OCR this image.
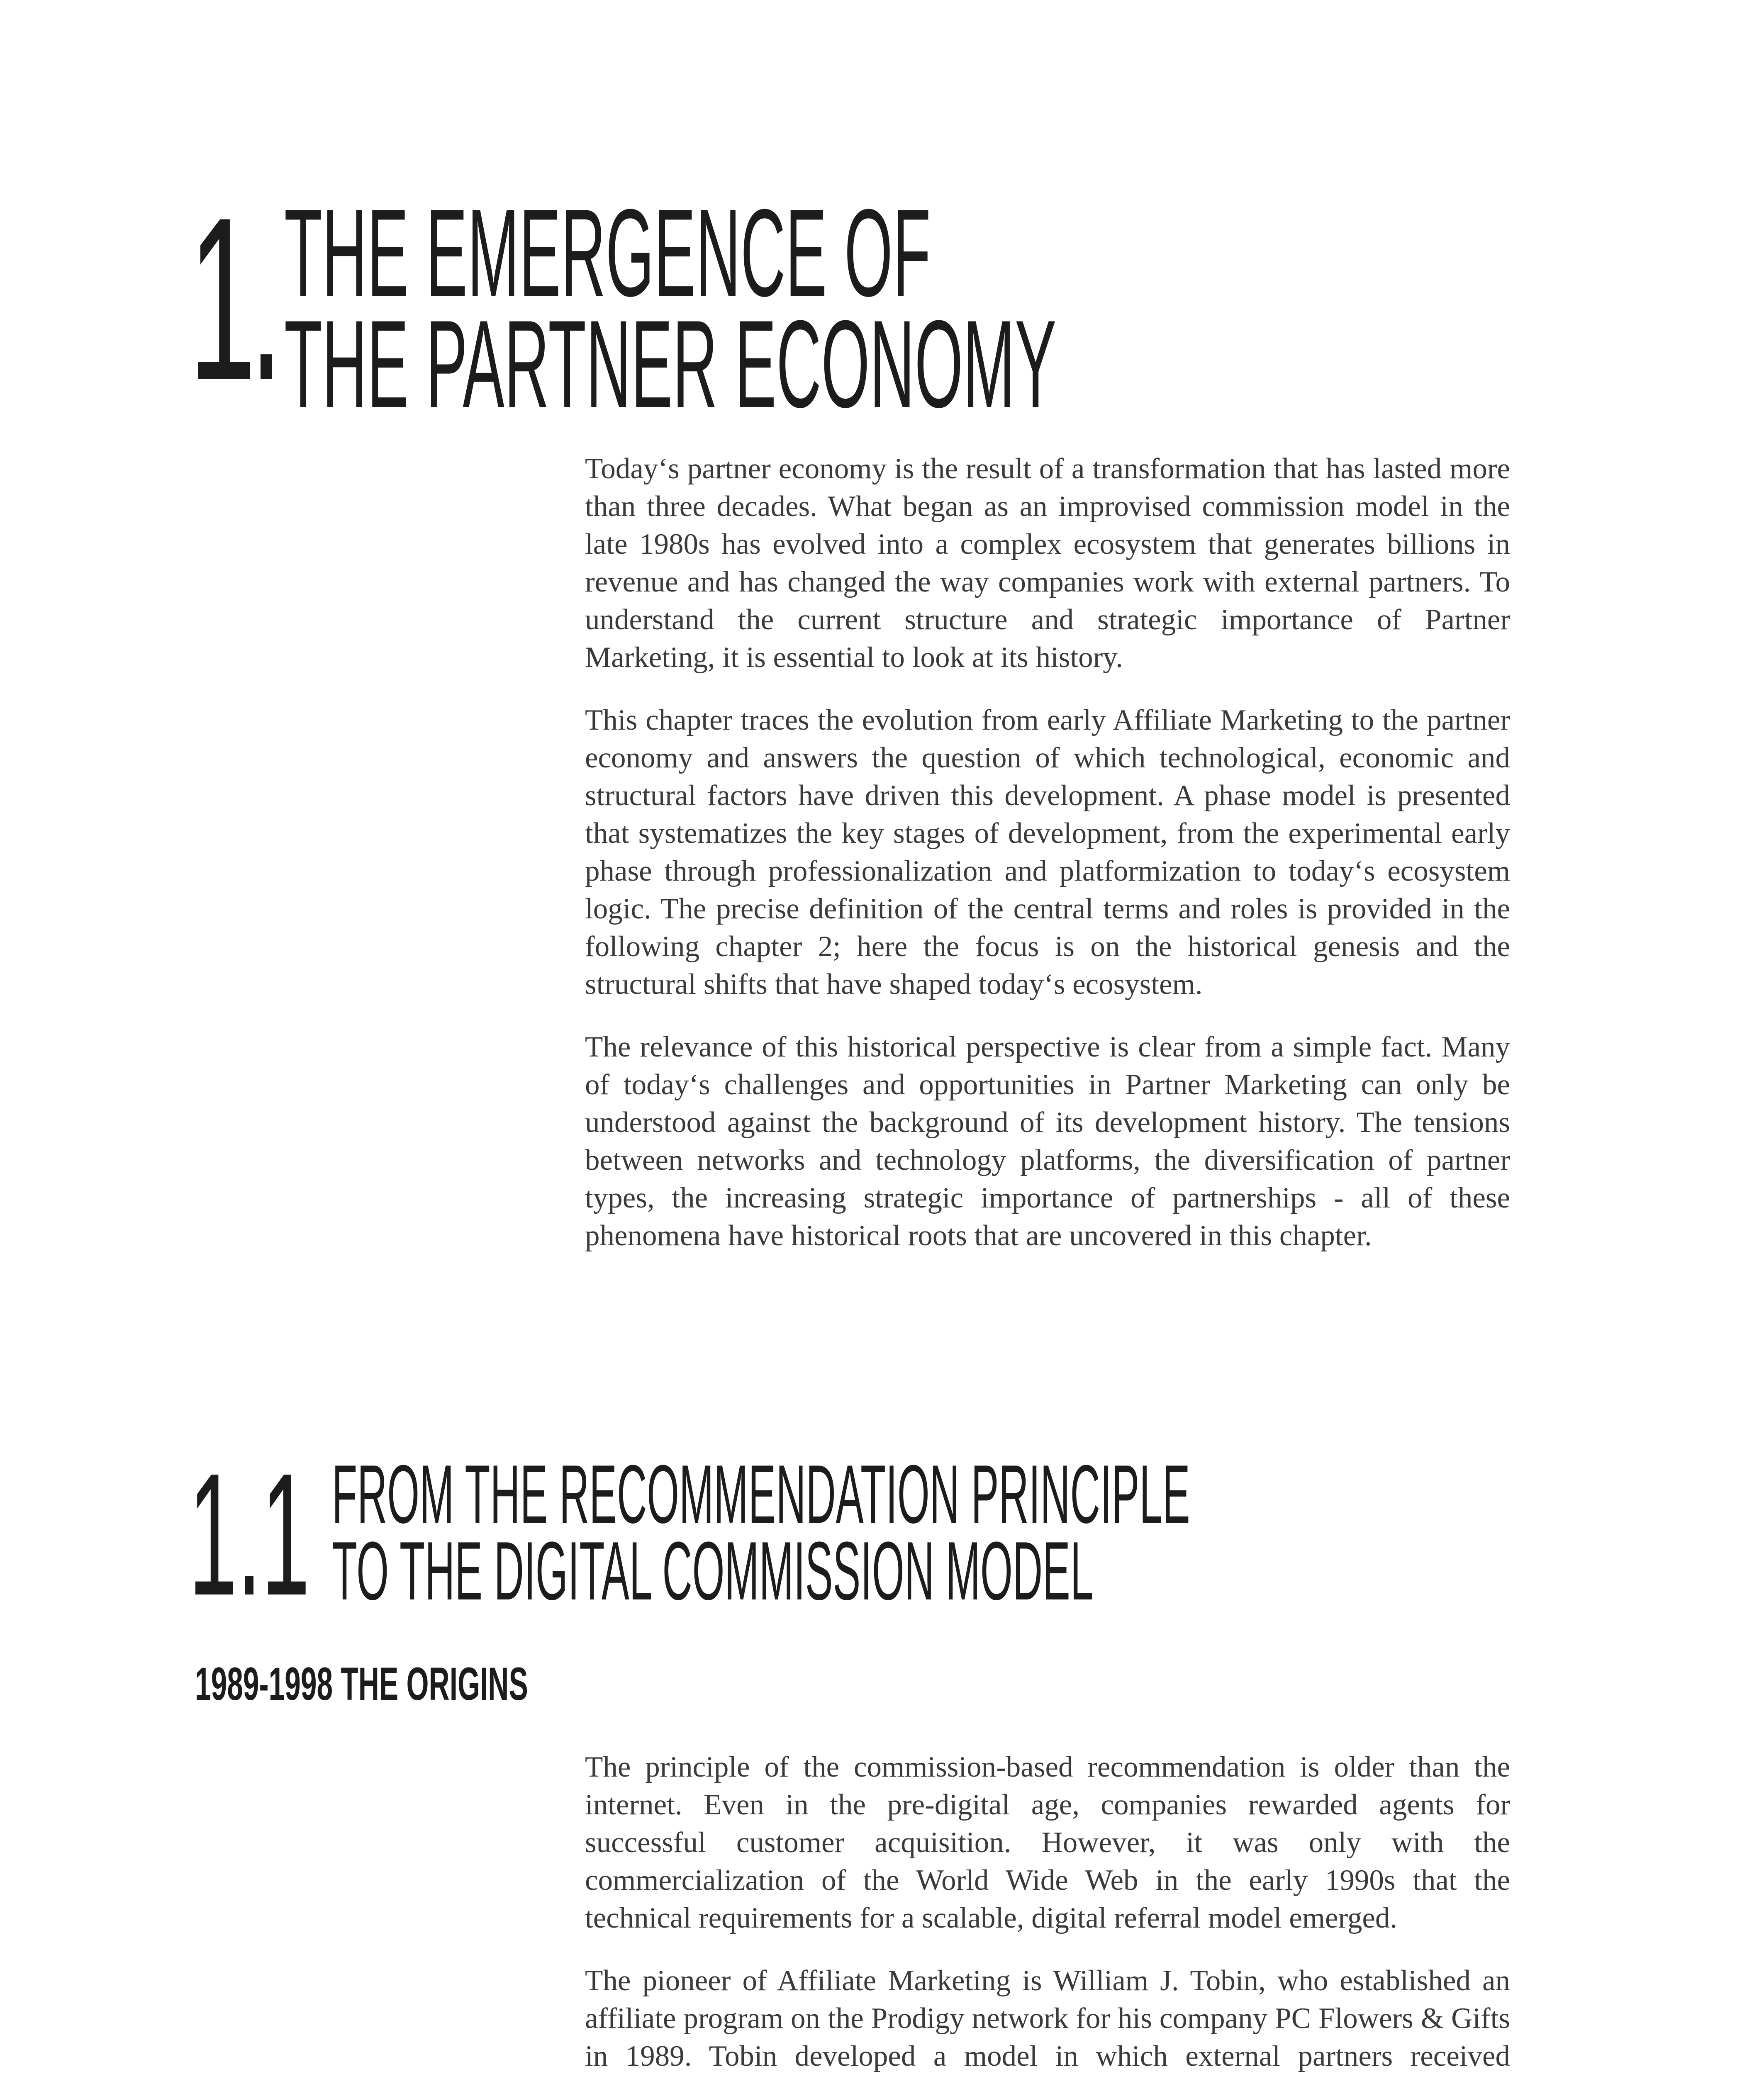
1. THE EMERGENCE OF
THE PARTNER ECONOMY

Today‘s partner economy is the result of a transformation that has lasted more than three decades. What began as an improvised commission model in the late 1980s has evolved into a complex ecosystem that generates billions in revenue and has changed the way companies work with external partners. To understand the current structure and strategic importance of Partner Marketing, it is essential to look at its history.

This chapter traces the evolution from early Affiliate Marketing to the partner economy and answers the question of which technological, economic and structural factors have driven this development. A phase model is presented that systematizes the key stages of development, from the experimental early phase through professionalization and platformization to today‘s ecosystem logic. The precise definition of the central terms and roles is provided in the following chapter 2; here the focus is on the historical genesis and the structural shifts that have shaped today‘s ecosystem.

The relevance of this historical perspective is clear from a simple fact. Many of today‘s challenges and opportunities in Partner Marketing can only be understood against the background of its development history. The tensions between networks and technology platforms, the diversification of partner types, the increasing strategic importance of partnerships - all of these phenomena have historical roots that are uncovered in this chapter.

1.1 FROM THE RECOMMENDATION PRINCIPLE
TO THE DIGITAL COMMISSION MODEL
1989-1998 THE ORIGINS

The principle of the commission-based recommendation is older than the internet. Even in the pre-digital age, companies rewarded agents for successful customer acquisition. However, it was only with the commercialization of the World Wide Web in the early 1990s that the technical requirements for a scalable, digital referral model emerged.

The pioneer of Affiliate Marketing is William J. Tobin, who established an affiliate program on the Prodigy network for his company PC Flowers & Gifts in 1989. Tobin developed a model in which external partners received
